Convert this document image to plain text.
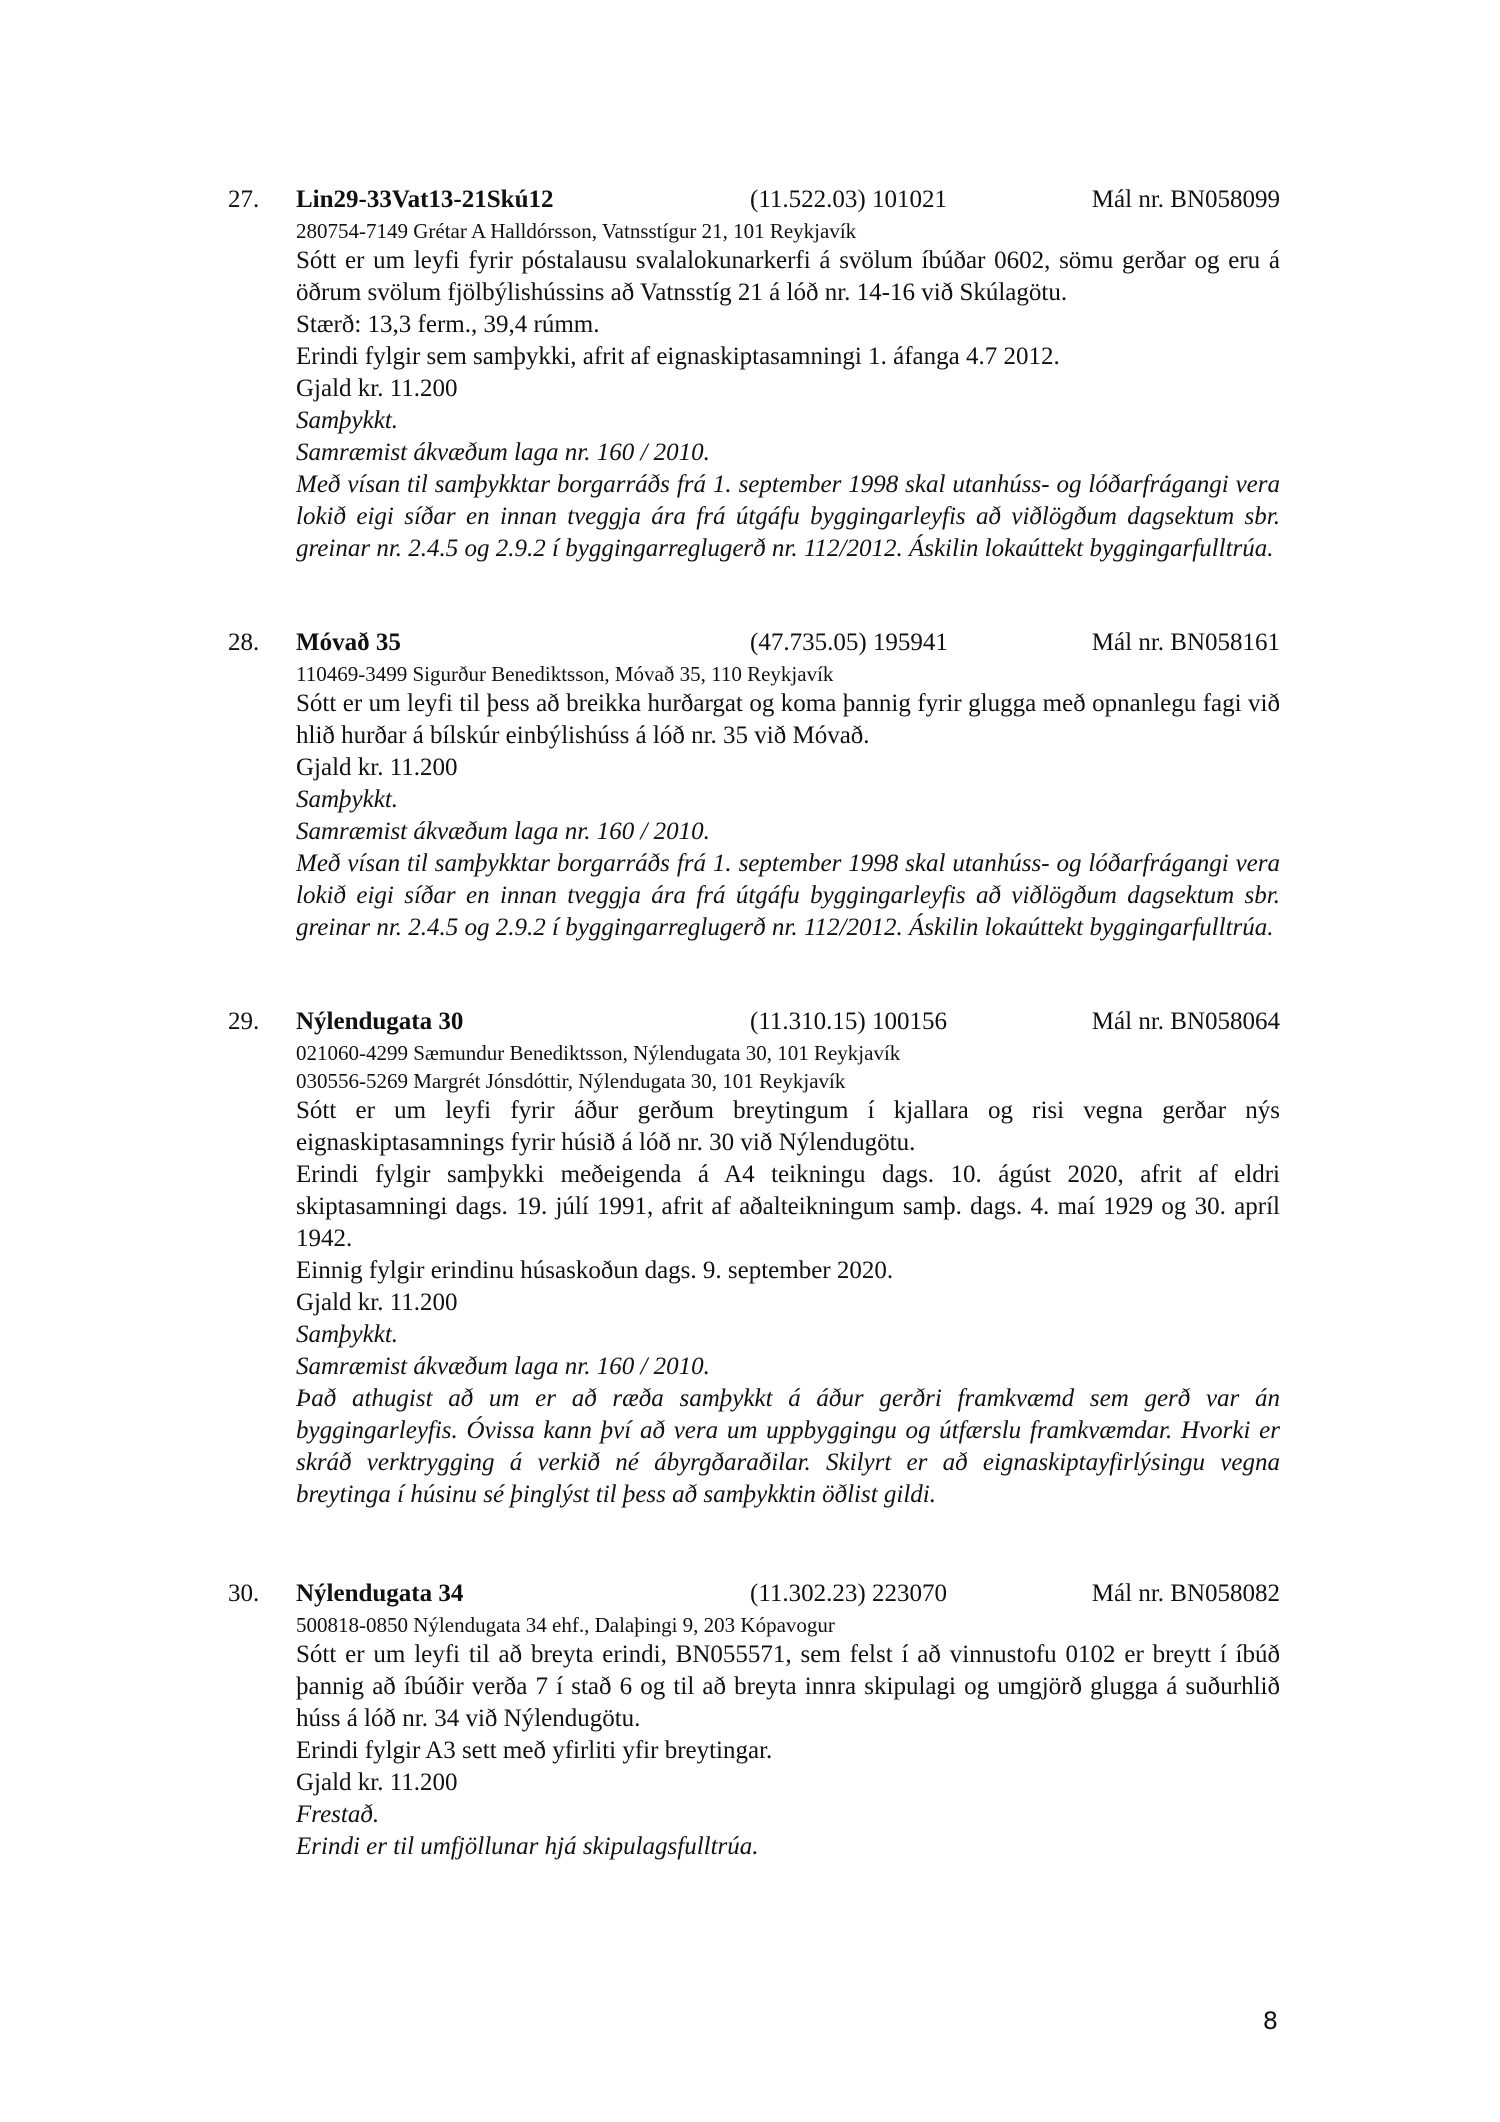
27. Lin29-33Vat13-21Skú12	(11.522.03) 101021	Mál nr. BN058099
280754-7149 Grétar A Halldórsson, Vatnsstígur 21, 101 Reykjavík

Sótt er um leyfi fyrir póstalausu svalalokunarkerfi á svölum íbúðar 0602, sömu gerðar og eru á öðrum svölum fjölbýlishússins að Vatnsstíg 21 á lóð nr. 14-16 við Skúlagötu.

Stærð: 13,3 ferm., 39,4 rúmm.

Erindi fylgir sem samþykki, afrit af eignaskiptasamningi 1. áfanga 4.7 2012.

Gjald kr. 11.200

Samþykkt.

Samræmist ákvæðum laga nr. 160 / 2010.

Með vísan til samþykktar borgarráðs frá 1. september 1998 skal utanhúss- og lóðarfrágangi vera lokið eigi síðar en innan tveggja ára frá útgáfu byggingarleyfis að viðlögðum dagsektum sbr. greinar nr. 2.4.5 og 2.9.2 í byggingarreglugerð nr. 112/2012. Áskilin lokaúttekt byggingarfulltrúa.

28. Móvað 35	(47.735.05) 195941	Mál nr. BN058161
110469-3499 Sigurður Benediktsson, Móvað 35, 110 Reykjavík

Sótt er um leyfi til þess að breikka hurðargat og koma þannig fyrir glugga með opnanlegu fagi við hlið hurðar á bílskúr einbýlishúss á lóð nr. 35 við Móvað.

Gjald kr. 11.200

Samþykkt.

Samræmist ákvæðum laga nr. 160 / 2010.

Með vísan til samþykktar borgarráðs frá 1. september 1998 skal utanhúss- og lóðarfrágangi vera lokið eigi síðar en innan tveggja ára frá útgáfu byggingarleyfis að viðlögðum dagsektum sbr. greinar nr. 2.4.5 og 2.9.2 í byggingarreglugerð nr. 112/2012. Áskilin lokaúttekt byggingarfulltrúa.

29. Nýlendugata 30	(11.310.15) 100156	Mál nr. BN058064
021060-4299 Sæmundur Benediktsson, Nýlendugata 30, 101 Reykjavík
030556-5269 Margrét Jónsdóttir, Nýlendugata 30, 101 Reykjavík

Sótt er um leyfi fyrir áður gerðum breytingum í kjallara og risi vegna gerðar nýs eignaskiptasamnings fyrir húsið á lóð nr. 30 við Nýlendugötu.

Erindi fylgir samþykki meðeigenda á A4 teikningu dags. 10. ágúst 2020, afrit af eldri skiptasamningi dags. 19. júlí 1991, afrit af aðalteikningum samþ. dags. 4. maí 1929 og 30. apríl 1942.

Einnig fylgir erindinu húsaskoðun dags. 9. september 2020.

Gjald kr. 11.200

Samþykkt.

Samræmist ákvæðum laga nr. 160 / 2010.

Það athugist að um er að ræða samþykkt á áður gerðri framkvæmd sem gerð var án byggingarleyfis. Óvissa kann því að vera um uppbyggingu og útfærslu framkvæmdar. Hvorki er skráð verktrygging á verkið né ábyrgðaraðilar. Skilyrt er að eignaskiptayfirlýsingu vegna breytinga í húsinu sé þinglýst til þess að samþykktin öðlist gildi.

30. Nýlendugata 34	(11.302.23) 223070	Mál nr. BN058082
500818-0850 Nýlendugata 34 ehf., Dalaþingi 9, 203 Kópavogur

Sótt er um leyfi til að breyta erindi, BN055571, sem felst í að vinnustofu 0102 er breytt í íbúð þannig að íbúðir verða 7 í stað 6 og til að breyta innra skipulagi og umgjörð glugga á suðurhlið húss á lóð nr. 34 við Nýlendugötu.

Erindi fylgir A3 sett með yfirliti yfir breytingar.

Gjald kr. 11.200

Frestað.

Erindi er til umfjöllunar hjá skipulagsfulltrúa.

8
